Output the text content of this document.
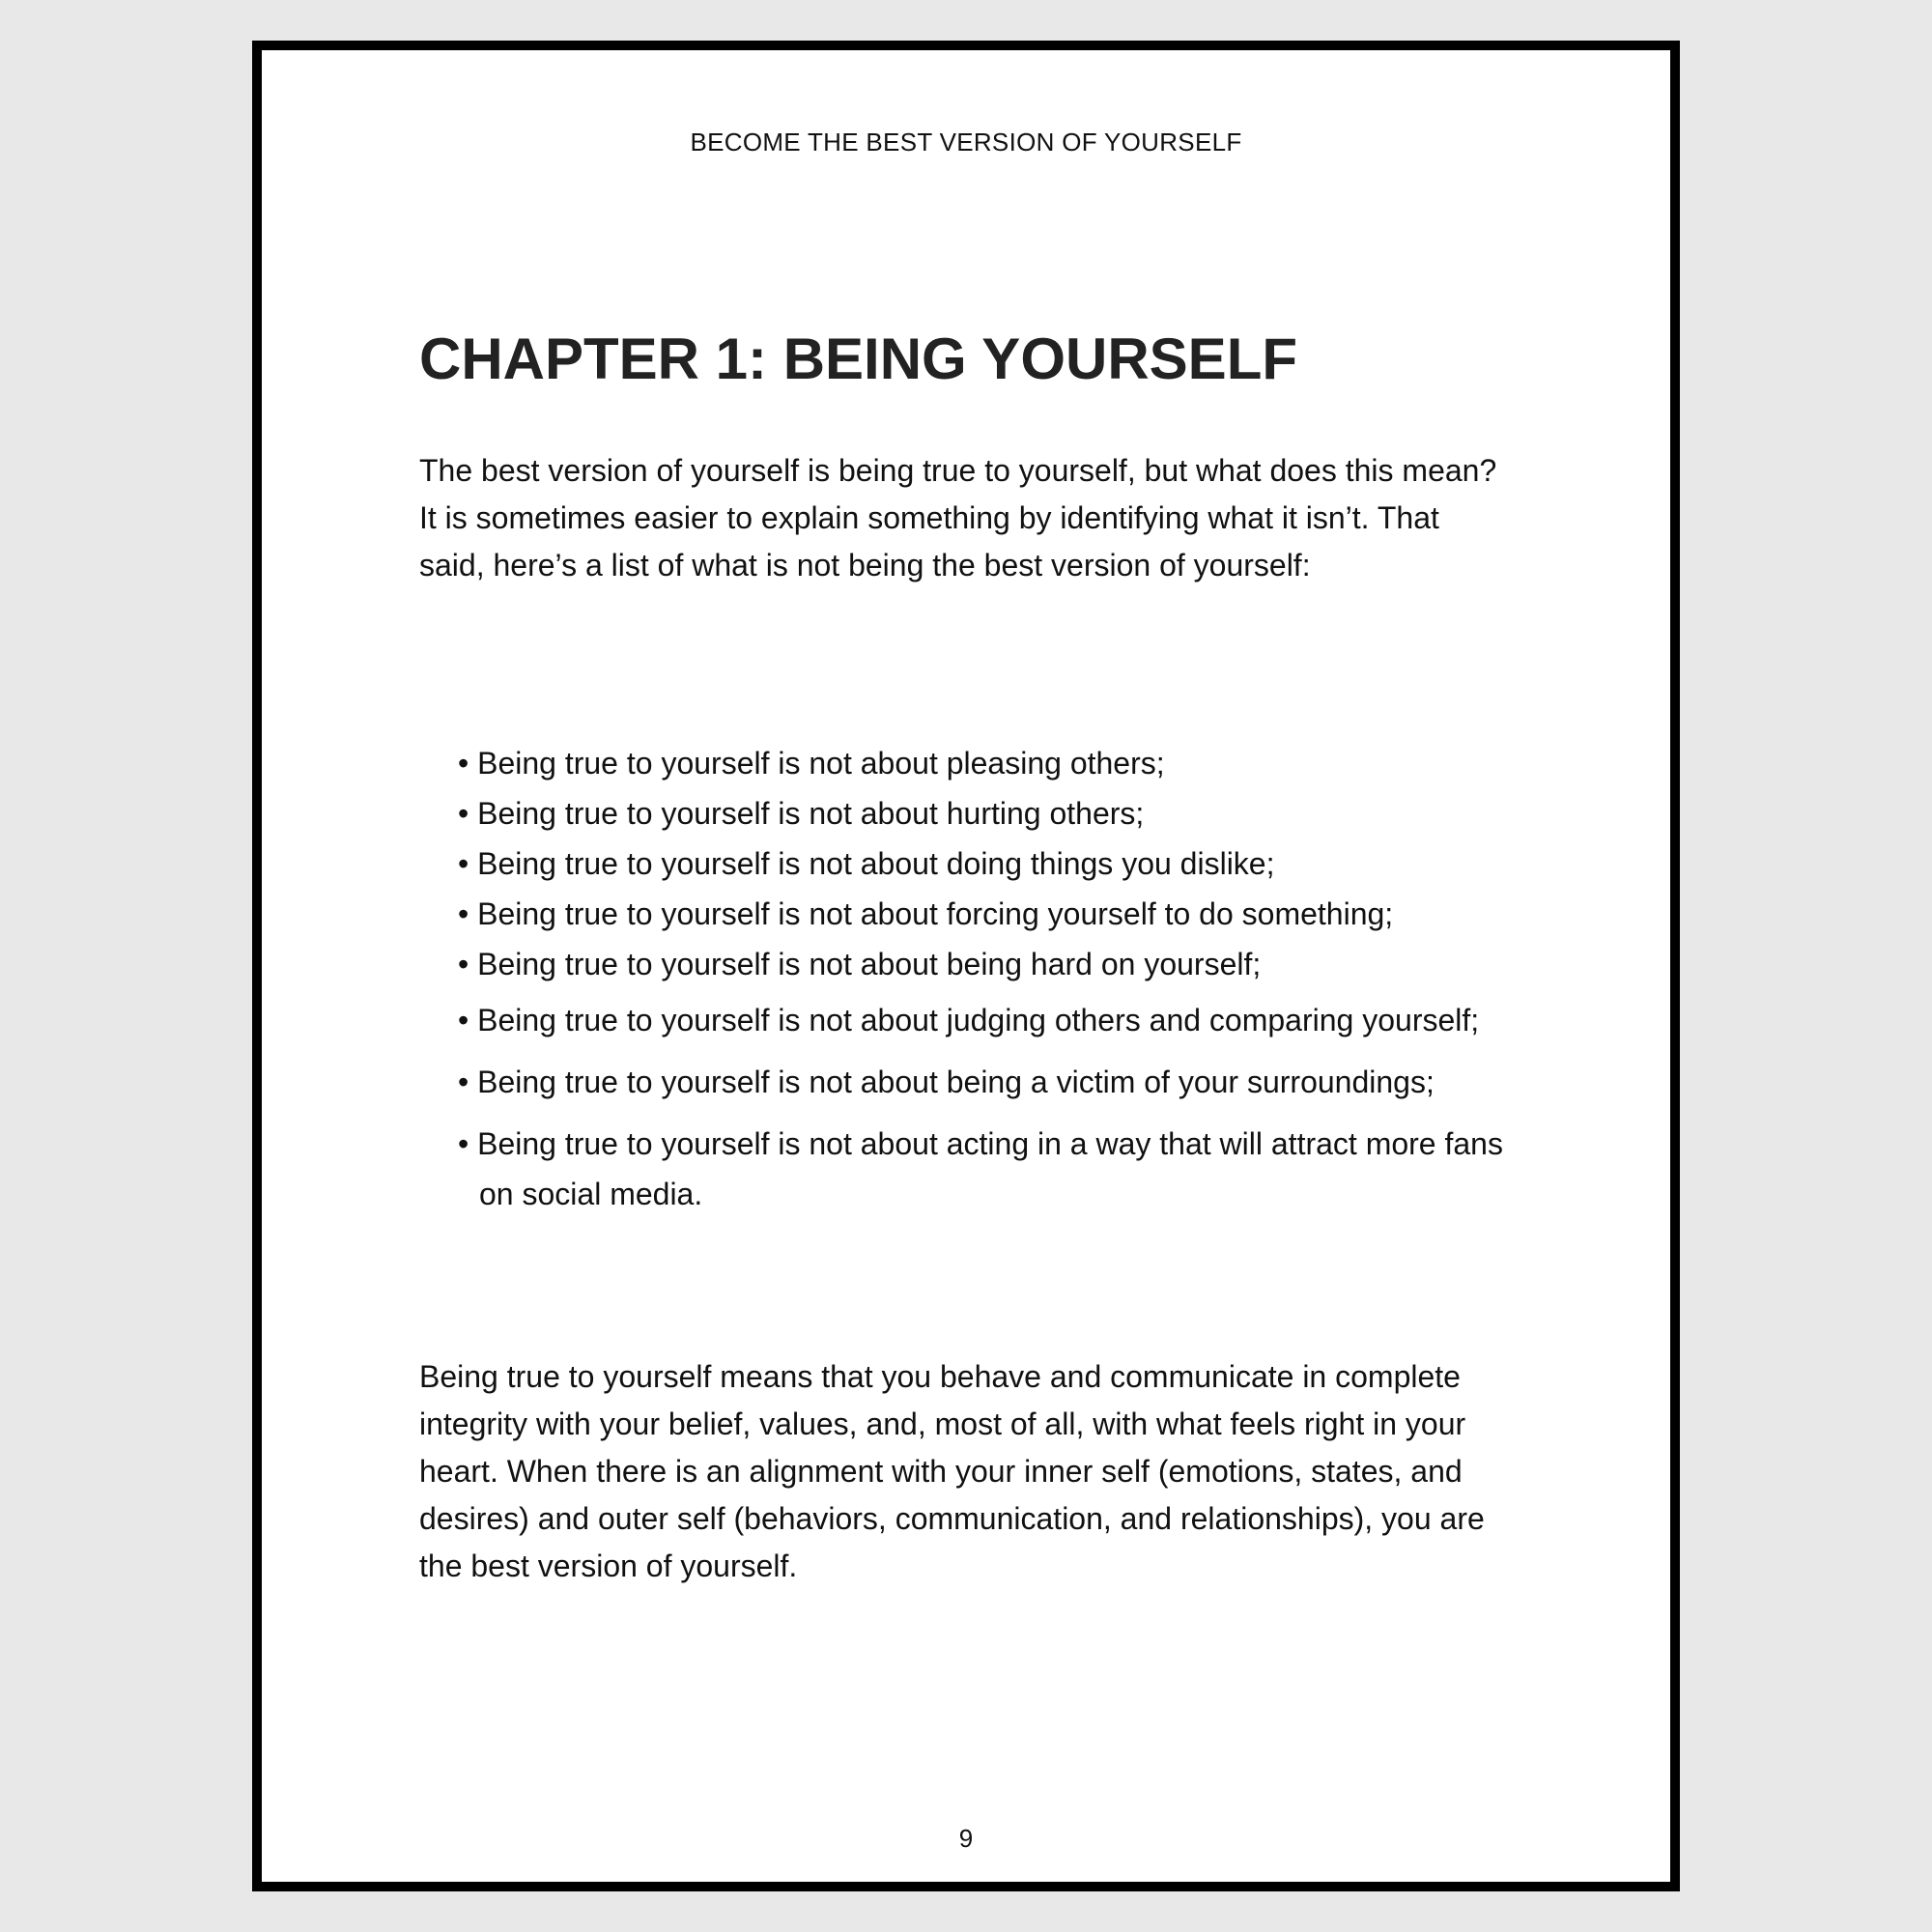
BECOME THE BEST VERSION OF YOURSELF
CHAPTER 1: BEING YOURSELF

The best version of yourself is being true to yourself, but what does this mean? It is sometimes easier to explain something by identifying what it isn’t. That said, here’s a list of what is not being the best version of yourself:

• Being true to yourself is not about pleasing others;
• Being true to yourself is not about hurting others;
• Being true to yourself is not about doing things you dislike;
• Being true to yourself is not about forcing yourself to do something;
• Being true to yourself is not about being hard on yourself;
• Being true to yourself is not about judging others and comparing yourself;
• Being true to yourself is not about being a victim of your surroundings;
• Being true to yourself is not about acting in a way that will attract more fans on social media.

Being true to yourself means that you behave and communicate in complete integrity with your belief, values, and, most of all, with what feels right in your heart. When there is an alignment with your inner self (emotions, states, and desires) and outer self (behaviors, communication, and relationships), you are the best version of yourself.

9
